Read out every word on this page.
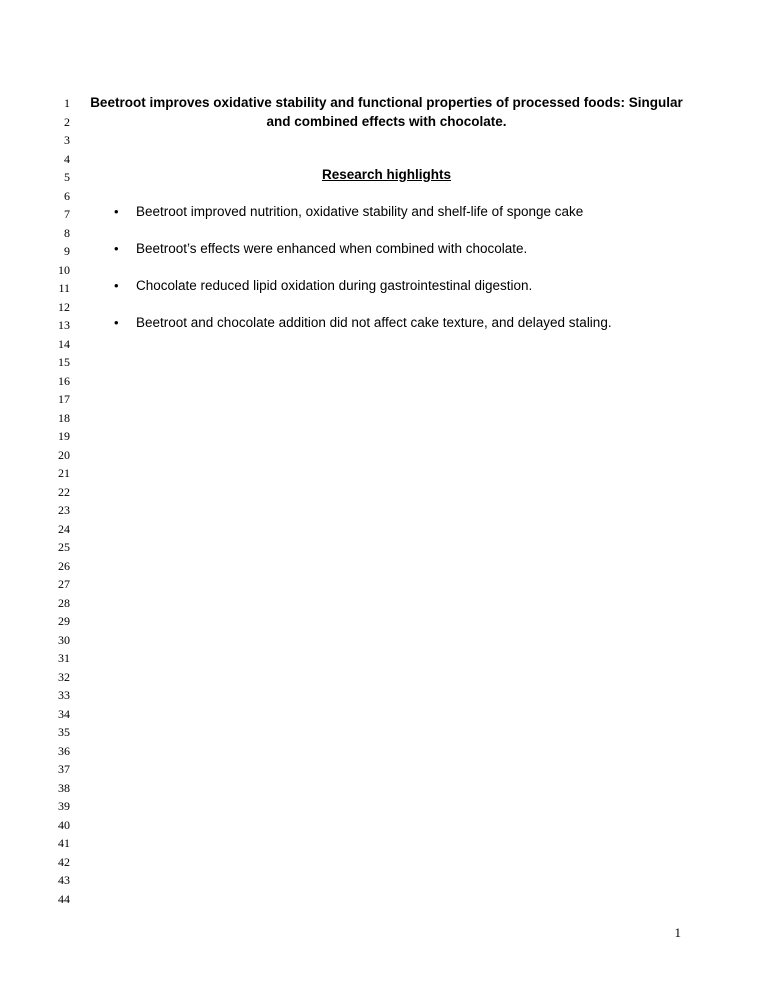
1
2
3
4
5
6
7
8
9
10
11
12
13
14
15
16
17
18
19
20
21
22
23
24
25
26
27
28
29
30
31
32
33
34
35
36
37
38
39
40
41
42
43
44
Beetroot improves oxidative stability and functional properties of processed foods: Singular and combined effects with chocolate.
Research highlights
• Beetroot improved nutrition, oxidative stability and shelf-life of sponge cake
• Beetroot’s effects were enhanced when combined with chocolate.
• Chocolate reduced lipid oxidation during gastrointestinal digestion.
• Beetroot and chocolate addition did not affect cake texture, and delayed staling.
1
